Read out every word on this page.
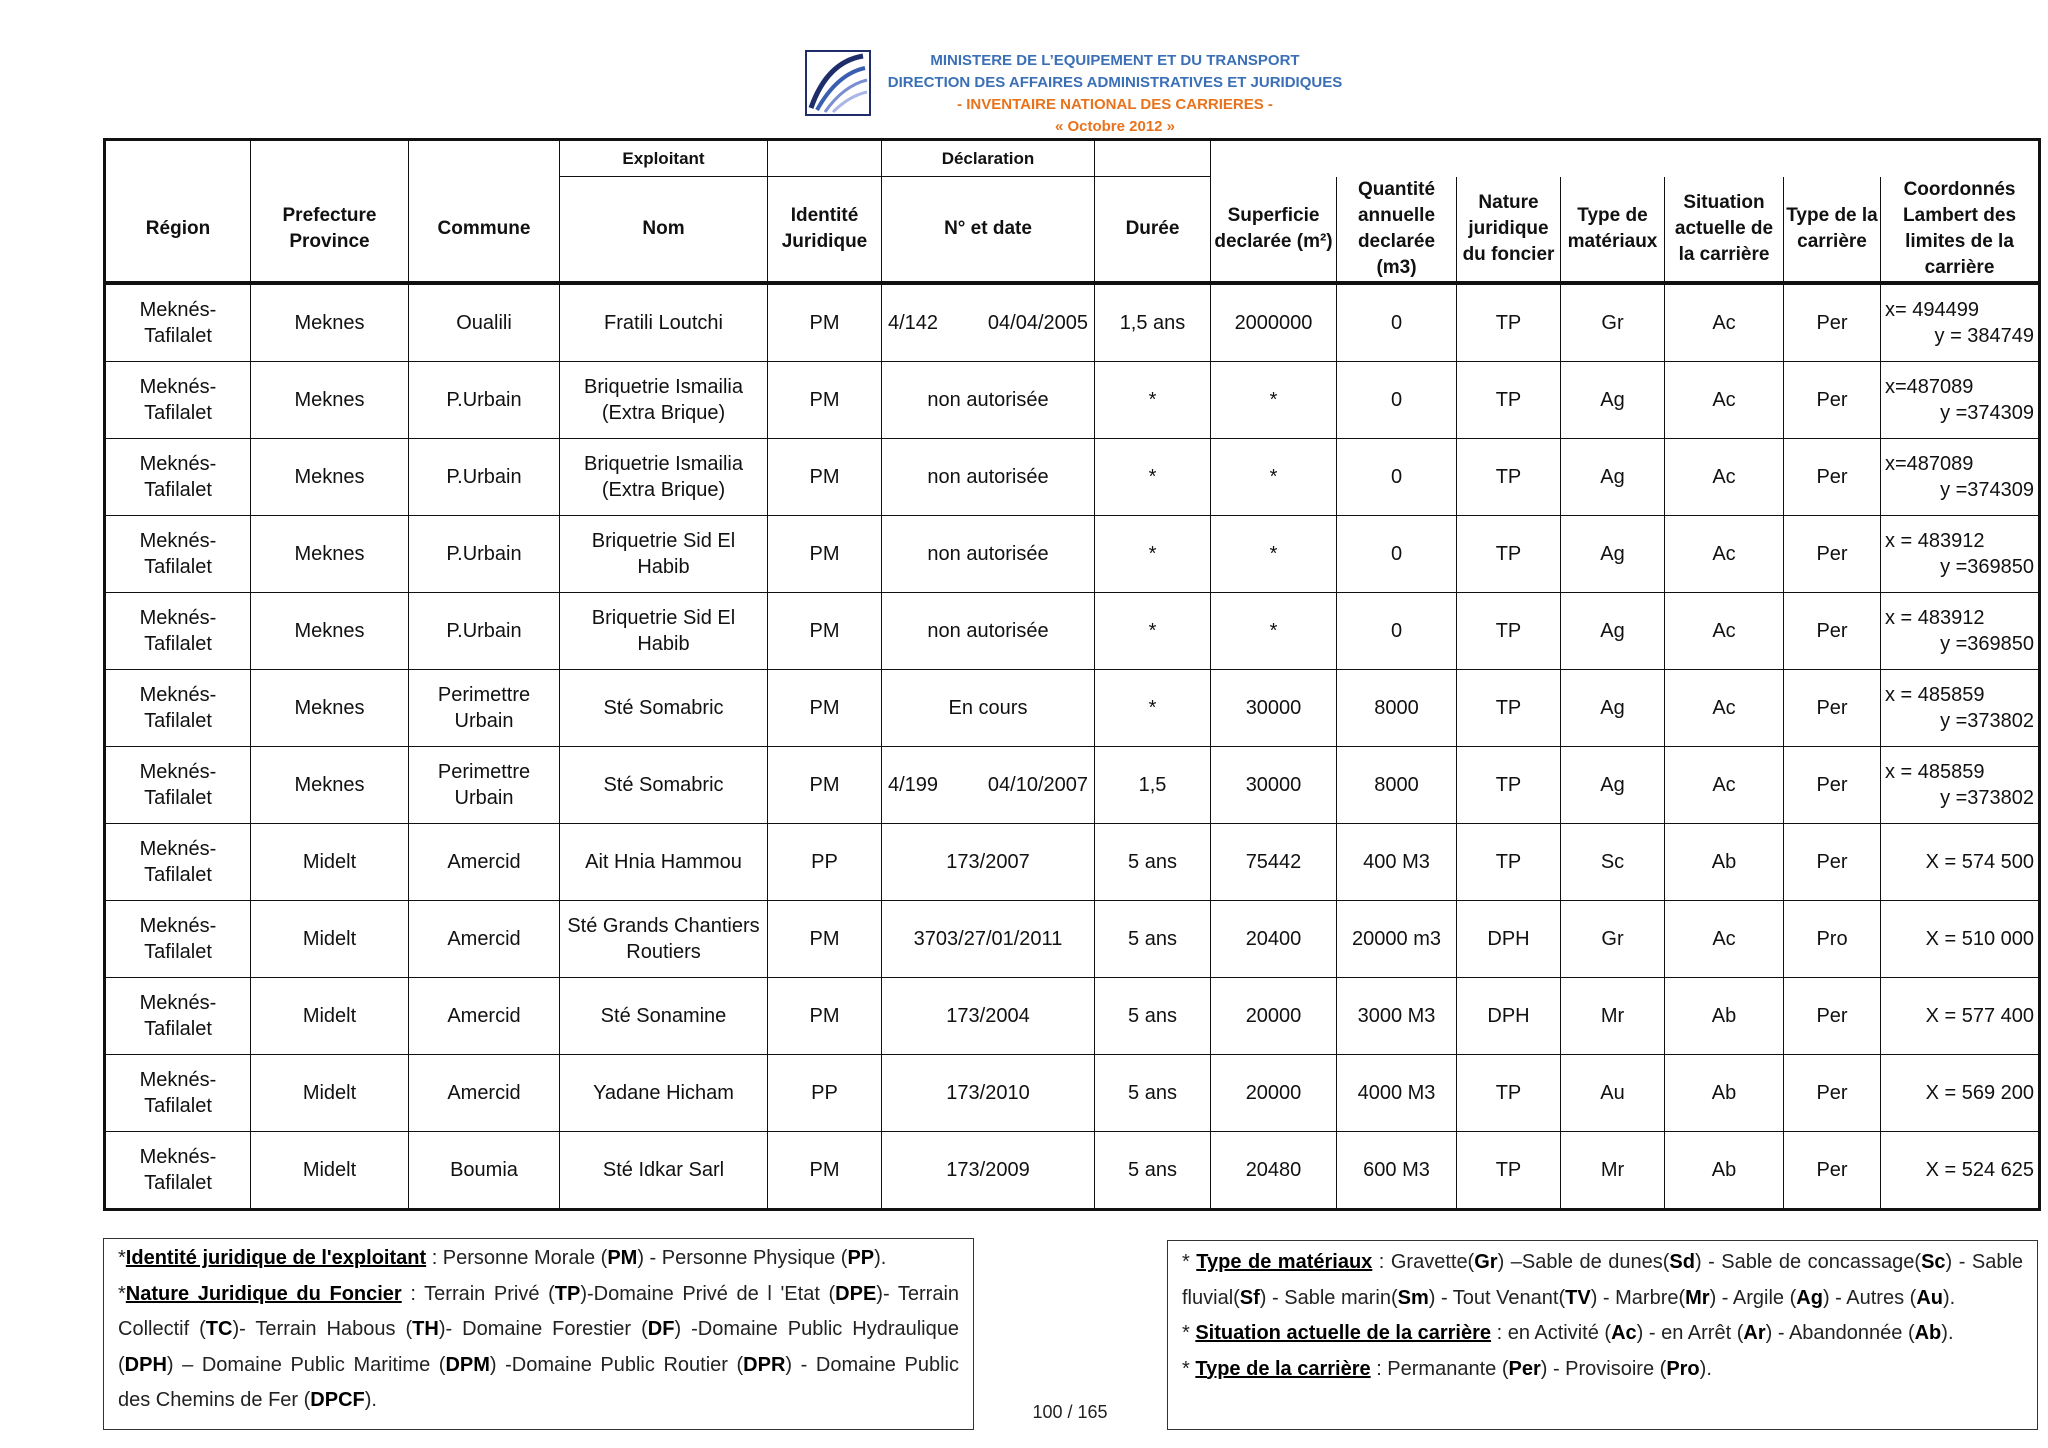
MINISTERE DE L’EQUIPEMENT ET DU TRANSPORT
DIRECTION DES AFFAIRES ADMINISTRATIVES ET JURIDIQUES
- INVENTAIRE NATIONAL DES CARRIERES -
« Octobre 2012 »
			Exploitant		Déclaration								
Région	Prefecture Province	Commune	Nom	Identité Juridique	N° et date	Durée	Superficie declarée (m²)	Quantité annuelle declarée (m3)	Nature juridique du foncier	Type de matériaux	Situation actuelle de la carrière	Type de la carrière	Coordonnés Lambert des limites de la carrière
Meknés-Tafilalet	Meknes	Oualili	Fratili Loutchi	PM	4/142 04/04/2005	1,5 ans	2000000	0	TP	Gr	Ac	Per	x= 494499
y = 384749

Meknés-Tafilalet	Meknes	P.Urbain	Briquetrie Ismailia (Extra Brique)	PM	non autorisée	*	*	0	TP	Ag	Ac	Per	x=487089
y =374309

Meknés-Tafilalet	Meknes	P.Urbain	Briquetrie Ismailia (Extra Brique)	PM	non autorisée	*	*	0	TP	Ag	Ac	Per	x=487089
y =374309

Meknés-Tafilalet	Meknes	P.Urbain	Briquetrie Sid El Habib	PM	non autorisée	*	*	0	TP	Ag	Ac	Per	x = 483912
y =369850

Meknés-Tafilalet	Meknes	P.Urbain	Briquetrie Sid El Habib	PM	non autorisée	*	*	0	TP	Ag	Ac	Per	x = 483912
y =369850

Meknés-Tafilalet	Meknes	Perimettre Urbain	Sté Somabric	PM	En cours	*	30000	8000	TP	Ag	Ac	Per	x = 485859
y =373802

Meknés-Tafilalet	Meknes	Perimettre Urbain	Sté Somabric	PM	4/199 04/10/2007	1,5	30000	8000	TP	Ag	Ac	Per	x = 485859
y =373802

Meknés-Tafilalet	Midelt	Amercid	Ait Hnia Hammou	PP	173/2007	5 ans	75442	400 M3	TP	Sc	Ab	Per	X = 574 500
Meknés-Tafilalet	Midelt	Amercid	Sté Grands Chantiers Routiers	PM	3703/27/01/2011	5 ans	20400	20000 m3	DPH	Gr	Ac	Pro	X = 510 000
Meknés-Tafilalet	Midelt	Amercid	Sté Sonamine	PM	173/2004	5 ans	20000	3000 M3	DPH	Mr	Ab	Per	X = 577 400
Meknés-Tafilalet	Midelt	Amercid	Yadane Hicham	PP	173/2010	5 ans	20000	4000 M3	TP	Au	Ab	Per	X = 569 200
Meknés-Tafilalet	Midelt	Boumia	Sté Idkar Sarl	PM	173/2009	5 ans	20480	600 M3	TP	Mr	Ab	Per	X = 524 625
*Identité juridique de l'exploitant : Personne Morale (PM) - Personne Physique (PP).
*Nature Juridique du Foncier : Terrain Privé (TP)-Domaine Privé de l 'Etat (DPE)- Terrain Collectif (TC)- Terrain Habous (TH)- Domaine Forestier (DF) -Domaine Public Hydraulique (DPH) – Domaine Public Maritime (DPM) -Domaine Public Routier (DPR) - Domaine Public des Chemins de Fer (DPCF).
* Type de matériaux : Gravette(Gr) –Sable de dunes(Sd) - Sable de concassage(Sc) - Sable fluvial(Sf) - Sable marin(Sm) - Tout Venant(TV) - Marbre(Mr) - Argile (Ag) - Autres (Au).
* Situation actuelle de la carrière : en Activité (Ac) - en Arrêt (Ar) - Abandonnée (Ab).
* Type de la carrière : Permanante (Per) - Provisoire (Pro).
100 / 165
